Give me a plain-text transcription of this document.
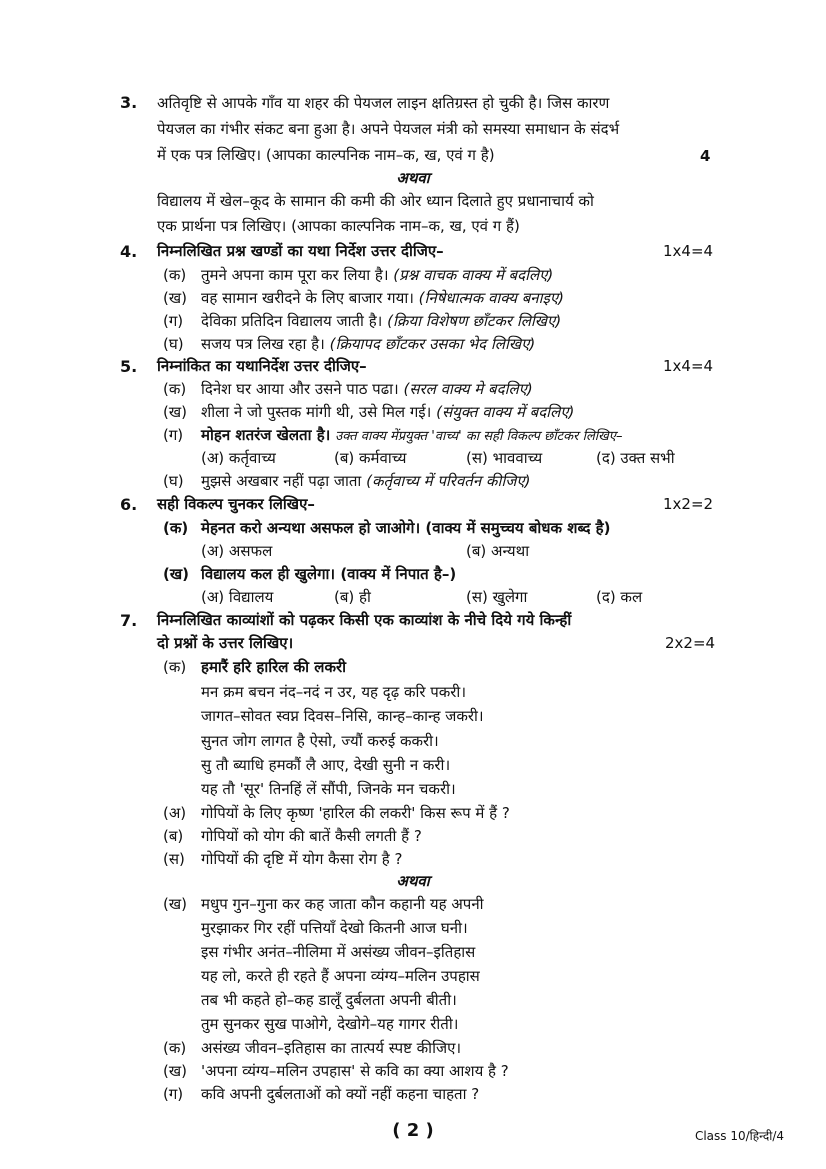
3. अतिवृष्टि से आपके गाँव या शहर की पेयजल लाइन क्षतिग्रस्त हो चुकी है। जिस कारण
पेयजल का गंभीर संकट बना हुआ है। अपने पेयजल मंत्री को समस्या समाधान के संदर्भ
में एक पत्र लिखिए। (आपका काल्पनिक नाम–क, ख, एवं ग है)	4
अथवा
विद्यालय में खेल–कूद के सामान की कमी की ओर ध्यान दिलाते हुए प्रधानाचार्य को
एक प्रार्थना पत्र लिखिए। (आपका काल्पनिक नाम–क, ख, एवं ग हैं)
4. निम्नलिखित प्रश्न खण्डों का यथा निर्देश उत्तर दीजिए–	1x4=4
(क) तुमने अपना काम पूरा कर लिया है। (प्रश्न वाचक वाक्य में बदलिए)
(ख) वह सामान खरीदने के लिए बाजार गया। (निषेधात्मक वाक्य बनाइए)
(ग) देविका प्रतिदिन विद्यालय जाती है। (क्रिया विशेषण छाँटकर लिखिए)
(घ) सजय पत्र लिख रहा है। (क्रियापद छाँटकर उसका भेद लिखिए)
5. निम्नांकित का यथानिर्देश उत्तर दीजिए–	1x4=4
(क) दिनेश घर आया और उसने पाठ पढा। (सरल वाक्य मे बदलिए)
(ख) शीला ने जो पुस्तक मांगी थी, उसे मिल गई। (संयुक्त वाक्य में बदलिए)
(ग) मोहन शतरंज खेलता है। उक्त वाक्य मेंप्रयुक्त 'वाच्य' का सही विकल्प छाँटकर लिखिए–
(अ) कर्तृवाच्य	(ब) कर्मवाच्य	(स) भाववाच्य	(द) उक्त सभी
(घ) मुझसे अखबार नहीं पढ़ा जाता (कर्तृवाच्य में परिवर्तन कीजिए)
6. सही विकल्प चुनकर लिखिए–	1x2=2
(क) मेहनत करो अन्यथा असफल हो जाओगे। (वाक्य में समुच्चय बोधक शब्द है)
(अ) असफल	(ब) अन्यथा
(ख) विद्यालय कल ही खुलेगा। (वाक्य में निपात है–)
(अ) विद्यालय	(ब) ही	(स) खुलेगा	(द) कल
7. निम्नलिखित काव्यांशों को पढ़कर किसी एक काव्यांश के नीचे दिये गये किन्हीं
दो प्रश्नों के उत्तर लिखिए।	2x2=4
(क) हमारैं हरि हारिल की लकरी
मन क्रम बचन नंद–नदं न उर, यह दृढ़ करि पकरी।
जागत–सोवत स्वप्न दिवस–निसि, कान्ह–कान्ह जकरी।
सुनत जोग लागत है ऐसो, ज्यौं करुई ककरी।
सु तौ ब्याधि हमकौं लै आए, देखी सुनी न करी।
यह तौ 'सूर' तिनहिं लें सौंपी, जिनके मन चकरी।
(अ) गोपियों के लिए कृष्ण 'हारिल की लकरी' किस रूप में हैं ?
(ब) गोपियों को योग की बातें कैसी लगती हैं ?
(स) गोपियों की दृष्टि में योग कैसा रोग है ?
अथवा
(ख) मधुप गुन–गुना कर कह जाता कौन कहानी यह अपनी
मुरझाकर गिर रहीं पत्तियाँ देखो कितनी आज घनी।
इस गंभीर अनंत–नीलिमा में असंख्य जीवन–इतिहास
यह लो, करते ही रहते हैं अपना व्यंग्य–मलिन उपहास
तब भी कहते हो–कह डालूँ दुर्बलता अपनी बीती।
तुम सुनकर सुख पाओगे, देखोगे–यह गागर रीती।
(क) असंख्य जीवन–इतिहास का तात्पर्य स्पष्ट कीजिए।
(ख) 'अपना व्यंग्य–मलिन उपहास' से कवि का क्या आशय है ?
(ग) कवि अपनी दुर्बलताओं को क्यों नहीं कहना चाहता ?
( 2 )	Class 10/हिन्दी/4
